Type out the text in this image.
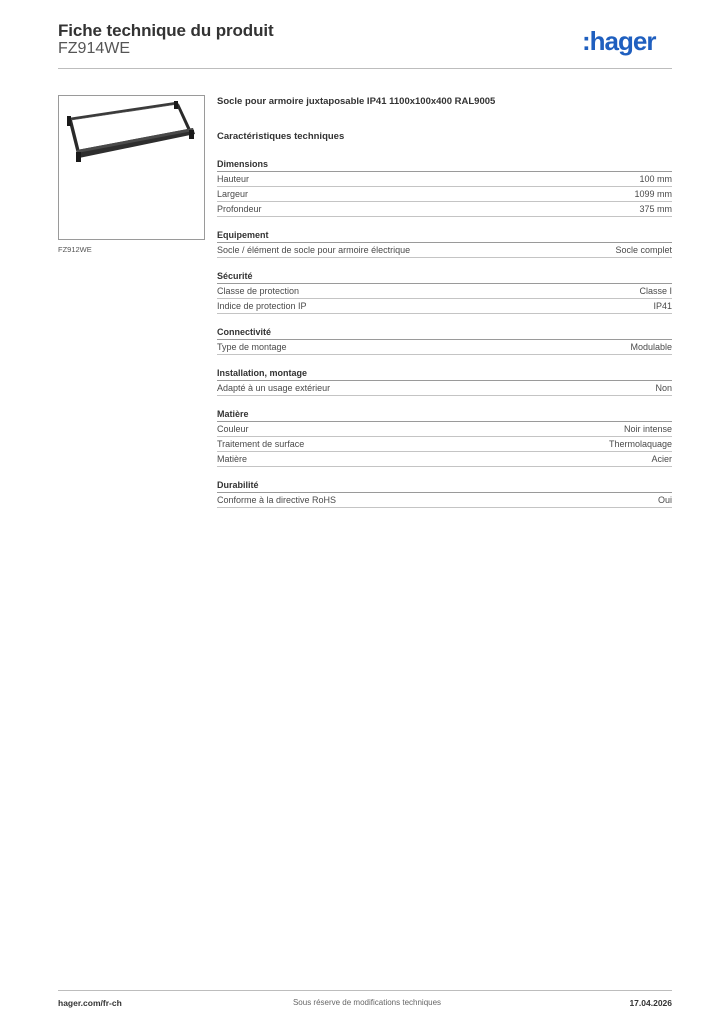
Fiche technique du produit
FZ914WE	:hager
FZ912WE
Socle pour armoire juxtaposable IP41 1100x100x400 RAL9005
Caractéristiques techniques
Dimensions
Hauteur	100 mm
Largeur	1099 mm
Profondeur	375 mm
Equipement
Socle / élément de socle pour armoire électrique	Socle complet
Sécurité
Classe de protection	Classe I
Indice de protection IP	IP41
Connectivité
Type de montage	Modulable
Installation, montage
Adapté à un usage extérieur	Non
Matière
Couleur	Noir intense
Traitement de surface	Thermolaquage
Matière	Acier
Durabilité
Conforme à la directive RoHS	Oui
hager.com/fr-ch	Sous réserve de modifications techniques	17.04.2026
